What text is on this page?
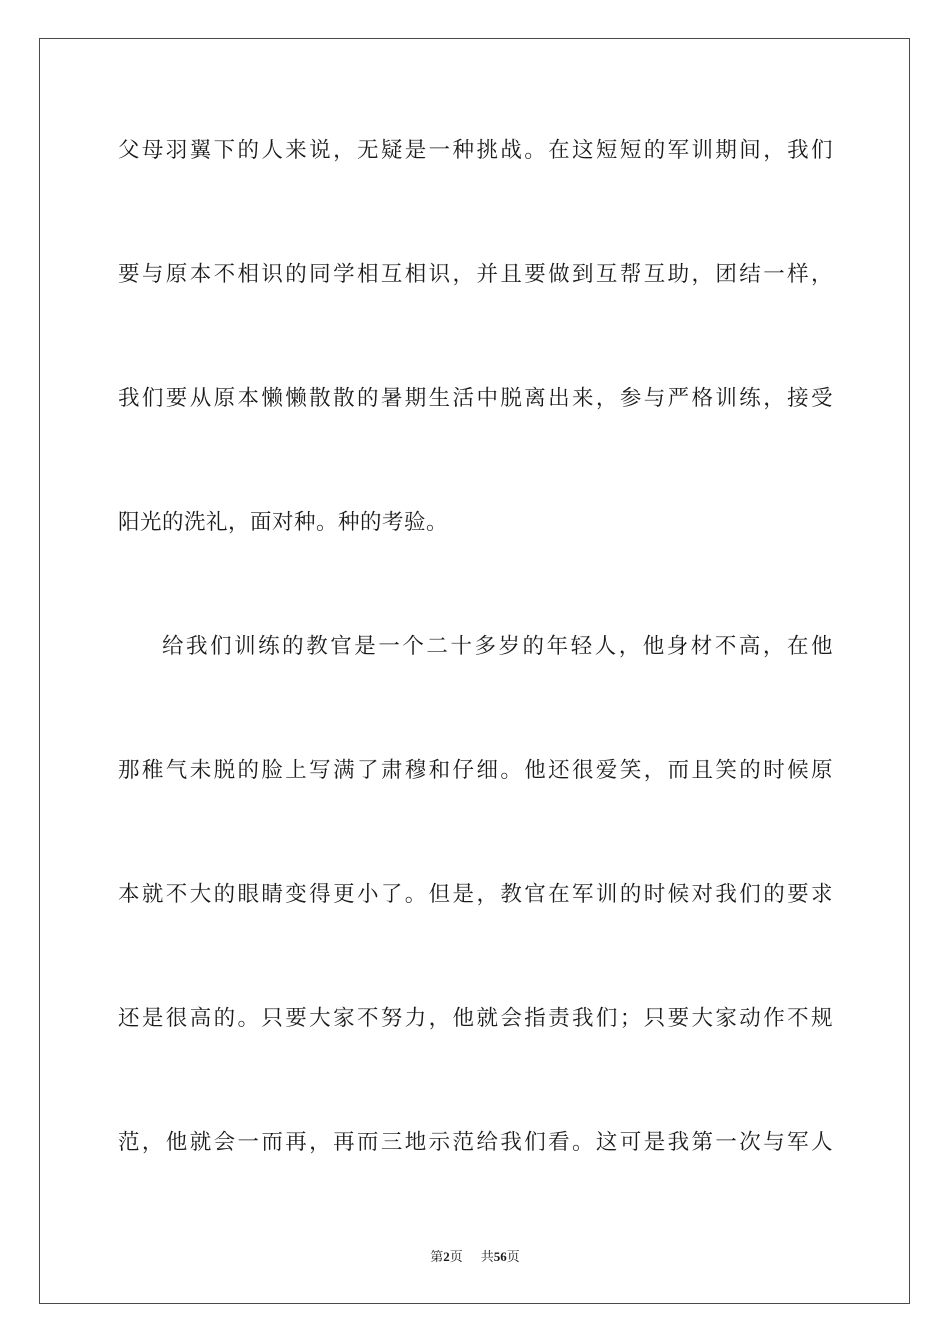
父母羽翼下的人来说，无疑是一种挑战。在这短短的军训期间，我们
要与原本不相识的同学相互相识，并且要做到互帮互助，团结一样，
我们要从原本懒懒散散的暑期生活中脱离出来，参与严格训练，接受
阳光的洗礼，面对种。种的考验。
给我们训练的教官是一个二十多岁的年轻人，他身材不高，在他
那稚气未脱的脸上写满了肃穆和仔细。他还很爱笑，而且笑的时候原
本就不大的眼睛变得更小了。但是，教官在军训的时候对我们的要求
还是很高的。只要大家不努力，他就会指责我们；只要大家动作不规
范，他就会一而再，再而三地示范给我们看。这可是我第一次与军人
第2页 共56页
